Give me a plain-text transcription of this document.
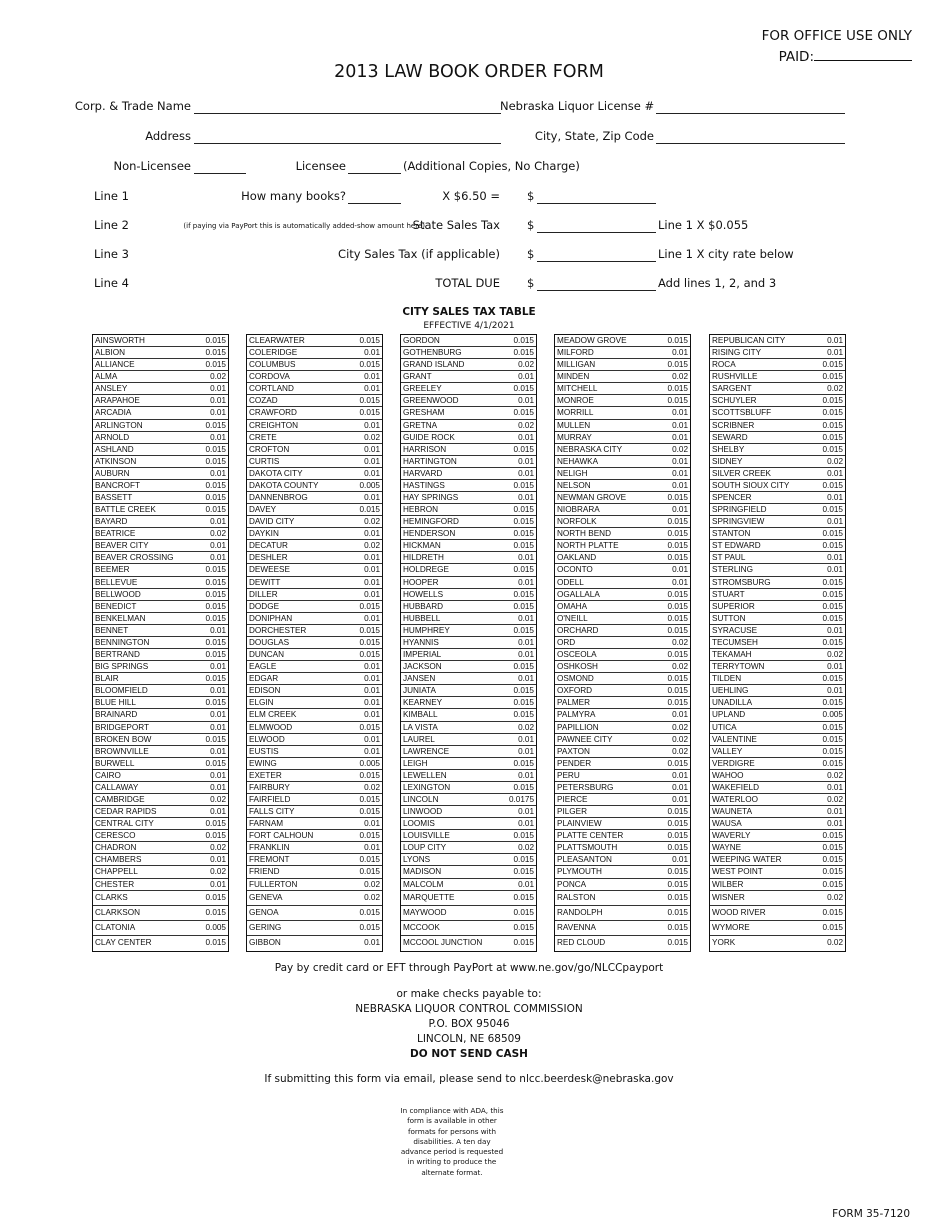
FOR OFFICE USE ONLY
PAID:
2013 LAW BOOK ORDER FORM
Corp. & Trade Name	Nebraska Liquor License #
Address	City, State, Zip Code
Non-Licensee	Licensee	(Additional Copies, No Charge)
Line 1	How many books?	X $6.50 = $
Line 2	(if paying via PayPort this is automatically added-show amount here)
State Sales Tax $	Line 1 X $0.055
Line 3	City Sales Tax (if applicable) $	Line 1 X city rate below
Line 4	TOTAL DUE $	Add lines 1, 2, and 3
CITY SALES TAX TABLE
EFFECTIVE 4/1/2021
AINSWORTH	0.015
ALBION	0.015
ALLIANCE	0.015
ALMA	0.02
ANSLEY	0.01
ARAPAHOE	0.01
ARCADIA	0.01
ARLINGTON	0.015
ARNOLD	0.01
ASHLAND	0.015
ATKINSON	0.015
AUBURN	0.01
BANCROFT	0.015
BASSETT	0.015
BATTLE CREEK	0.015
BAYARD	0.01
BEATRICE	0.02
BEAVER CITY	0.01
BEAVER CROSSING	0.01
BEEMER	0.015
BELLEVUE	0.015
BELLWOOD	0.015
BENEDICT	0.015
BENKELMAN	0.015
BENNET	0.01
BENNINGTON	0.015
BERTRAND	0.015
BIG SPRINGS	0.01
BLAIR	0.015
BLOOMFIELD	0.01
BLUE HILL	0.015
BRAINARD	0.01
BRIDGEPORT	0.01
BROKEN BOW	0.015
BROWNVILLE	0.01
BURWELL	0.015
CAIRO	0.01
CALLAWAY	0.01
CAMBRIDGE	0.02
CEDAR RAPIDS	0.01
CENTRAL CITY	0.015
CERESCO	0.015
CHADRON	0.02
CHAMBERS	0.01
CHAPPELL	0.02
CHESTER	0.01
CLARKS	0.015
CLARKSON	0.015
CLATONIA	0.005
CLAY CENTER	0.015
CLEARWATER	0.015
COLERIDGE	0.01
COLUMBUS	0.015
CORDOVA	0.01
CORTLAND	0.01
COZAD	0.015
CRAWFORD	0.015
CREIGHTON	0.01
CRETE	0.02
CROFTON	0.01
CURTIS	0.01
DAKOTA CITY	0.01
DAKOTA COUNTY	0.005
DANNENBROG	0.01
DAVEY	0.015
DAVID CITY	0.02
DAYKIN	0.01
DECATUR	0.02
DESHLER	0.01
DEWEESE	0.01
DEWITT	0.01
DILLER	0.01
DODGE	0.015
DONIPHAN	0.01
DORCHESTER	0.015
DOUGLAS	0.015
DUNCAN	0.015
EAGLE	0.01
EDGAR	0.01
EDISON	0.01
ELGIN	0.01
ELM CREEK	0.01
ELMWOOD	0.015
ELWOOD	0.01
EUSTIS	0.01
EWING	0.005
EXETER	0.015
FAIRBURY	0.02
FAIRFIELD	0.015
FALLS CITY	0.015
FARNAM	0.01
FORT CALHOUN	0.015
FRANKLIN	0.01
FREMONT	0.015
FRIEND	0.015
FULLERTON	0.02
GENEVA	0.02
GENOA	0.015
GERING	0.015
GIBBON	0.01
GORDON	0.015
GOTHENBURG	0.015
GRAND ISLAND	0.02
GRANT	0.01
GREELEY	0.015
GREENWOOD	0.01
GRESHAM	0.015
GRETNA	0.02
GUIDE ROCK	0.01
HARRISON	0.015
HARTINGTON	0.01
HARVARD	0.01
HASTINGS	0.015
HAY SPRINGS	0.01
HEBRON	0.015
HEMINGFORD	0.015
HENDERSON	0.015
HICKMAN	0.015
HILDRETH	0.01
HOLDREGE	0.015
HOOPER	0.01
HOWELLS	0.015
HUBBARD	0.015
HUBBELL	0.01
HUMPHREY	0.015
HYANNIS	0.01
IMPERIAL	0.01
JACKSON	0.015
JANSEN	0.01
JUNIATA	0.015
KEARNEY	0.015
KIMBALL	0.015
LA VISTA	0.02
LAUREL	0.01
LAWRENCE	0.01
LEIGH	0.015
LEWELLEN	0.01
LEXINGTON	0.015
LINCOLN	0.0175
LINWOOD	0.01
LOOMIS	0.01
LOUISVILLE	0.015
LOUP CITY	0.02
LYONS	0.015
MADISON	0.015
MALCOLM	0.01
MARQUETTE	0.015
MAYWOOD	0.015
MCCOOK	0.015
MCCOOL JUNCTION	0.015
MEADOW GROVE	0.015
MILFORD	0.01
MILLIGAN	0.015
MINDEN	0.02
MITCHELL	0.015
MONROE	0.015
MORRILL	0.01
MULLEN	0.01
MURRAY	0.01
NEBRASKA CITY	0.02
NEHAWKA	0.01
NELIGH	0.01
NELSON	0.01
NEWMAN GROVE	0.015
NIOBRARA	0.01
NORFOLK	0.015
NORTH BEND	0.015
NORTH PLATTE	0.015
OAKLAND	0.015
OCONTO	0.01
ODELL	0.01
OGALLALA	0.015
OMAHA	0.015
O'NEILL	0.015
ORCHARD	0.015
ORD	0.02
OSCEOLA	0.015
OSHKOSH	0.02
OSMOND	0.015
OXFORD	0.015
PALMER	0.015
PALMYRA	0.01
PAPILLION	0.02
PAWNEE CITY	0.02
PAXTON	0.02
PENDER	0.015
PERU	0.01
PETERSBURG	0.01
PIERCE	0.01
PILGER	0.015
PLAINVIEW	0.015
PLATTE CENTER	0.015
PLATTSMOUTH	0.015
PLEASANTON	0.01
PLYMOUTH	0.015
PONCA	0.015
RALSTON	0.015
RANDOLPH	0.015
RAVENNA	0.015
RED CLOUD	0.015
REPUBLICAN CITY	0.01
RISING CITY	0.01
ROCA	0.015
RUSHVILLE	0.015
SARGENT	0.02
SCHUYLER	0.015
SCOTTSBLUFF	0.015
SCRIBNER	0.015
SEWARD	0.015
SHELBY	0.015
SIDNEY	0.02
SILVER CREEK	0.01
SOUTH SIOUX CITY	0.015
SPENCER	0.01
SPRINGFIELD	0.015
SPRINGVIEW	0.01
STANTON	0.015
ST EDWARD	0.015
ST PAUL	0.01
STERLING	0.01
STROMSBURG	0.015
STUART	0.015
SUPERIOR	0.015
SUTTON	0.015
SYRACUSE	0.01
TECUMSEH	0.015
TEKAMAH	0.02
TERRYTOWN	0.01
TILDEN	0.015
UEHLING	0.01
UNADILLA	0.015
UPLAND	0.005
UTICA	0.015
VALENTINE	0.015
VALLEY	0.015
VERDIGRE	0.015
WAHOO	0.02
WAKEFIELD	0.01
WATERLOO	0.02
WAUNETA	0.01
WAUSA	0.01
WAVERLY	0.015
WAYNE	0.015
WEEPING WATER	0.015
WEST POINT	0.015
WILBER	0.015
WISNER	0.02
WOOD RIVER	0.015
WYMORE	0.015
YORK	0.02
Pay by credit card or EFT through PayPort at www.ne.gov/go/NLCCpayport
or make checks payable to:
NEBRASKA LIQUOR CONTROL COMMISSION
P.O. BOX 95046
LINCOLN, NE 68509
DO NOT SEND CASH
If submitting this form via email, please send to nlcc.beerdesk@nebraska.gov
In compliance with ADA, this form is available in other formats for persons with disabilities. A ten day advance period is requested in writing to produce the alternate format.
FORM 35-7120
